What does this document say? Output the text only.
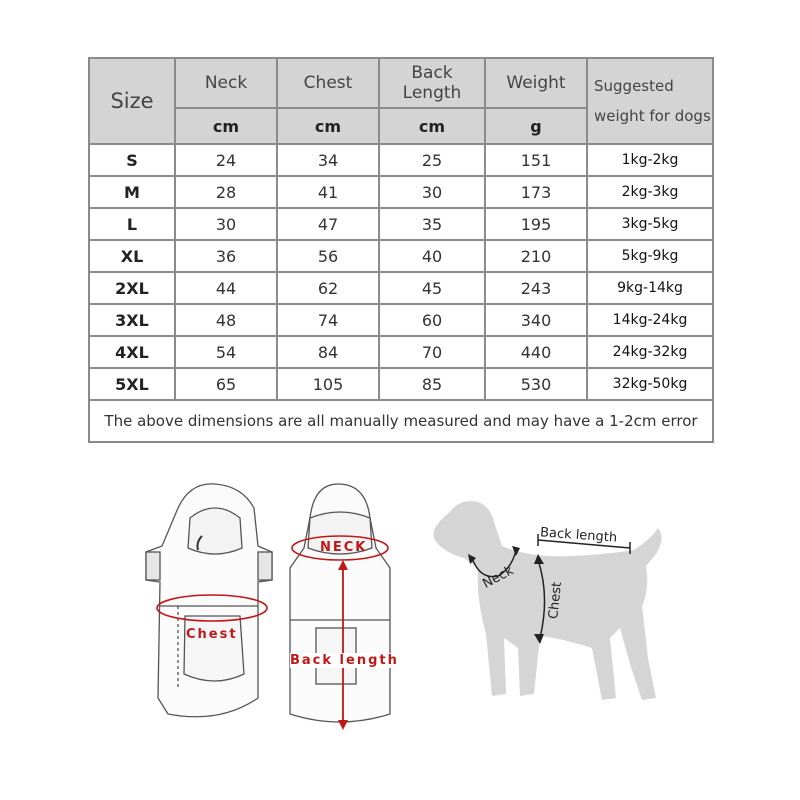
Size	Neck	Chest	Back Length	Weight	Suggested
weight for dogs
	cm	cm	cm	g	
S	24	34	25	151	1kg-2kg
M	28	41	30	173	2kg-3kg
L	30	47	35	195	3kg-5kg
XL	36	56	40	210	5kg-9kg
2XL	44	62	45	243	9kg-14kg
3XL	48	74	60	340	14kg-24kg
4XL	54	84	70	440	24kg-32kg
5XL	65	105	85	530	32kg-50kg
The above dimensions are all manually measured and may have a 1-2cm error					
Chest
NECK
Back length
Back length
Neck
Chest
